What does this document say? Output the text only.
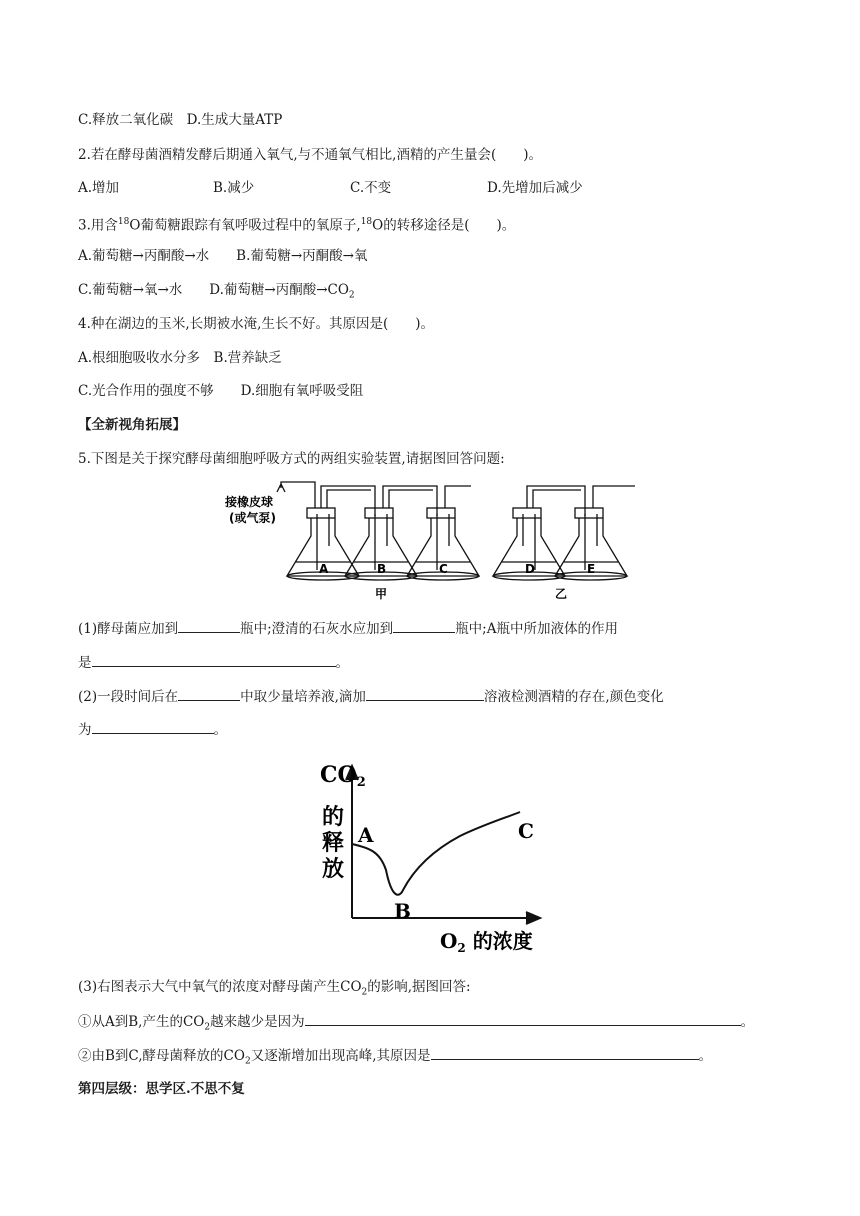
C.释放二氧化碳　D.生成大量ATP
2.若在酵母菌酒精发酵后期通入氧气,与不通氧气相比,酒精的产生量会(　　)。
A.增加	B.减少	C.不变	D.先增加后减少
3.用含$^{18}$O葡萄糖跟踪有氧呼吸过程中的氧原子,$^{18}$O的转移途径是(　　)。
A.葡萄糖→丙酮酸→水　　B.葡萄糖→丙酮酸→氧
C.葡萄糖→氧→水　　D.葡萄糖→丙酮酸$\to CO_2$
4.种在湖边的玉米,长期被水淹,生长不好。其原因是(　　)。
A.根细胞吸收水分多　B.营养缺乏
C.光合作用的强度不够　　D.细胞有氧呼吸受阻
【全新视角拓展】
5.下图是关于探究酵母菌细胞呼吸方式的两组实验装置,请据图回答问题:
接橡皮球
(或气泵)
A	B	C	D	E
甲	乙
(1)酵母菌应加到	瓶中;澄清的石灰水应加到	瓶中;A瓶中所加液体的作用
是	。
(2)一段时间后在	中取少量培养液,滴加	溶液检测酒精的存在,颜色变化
为	。
CO2
的
释
放
A
B
C
$O_2$ 的浓度
(3)右图表示大气中氧气的浓度对酵母菌产生$CO_2$的影响,据图回答:
①从A到B,产生的$CO_2$越来越少是因为	。
②由B到C,酵母菌释放的$CO_2$又逐渐增加出现高峰,其原因是	。
第四层级：思学区.不思不复
